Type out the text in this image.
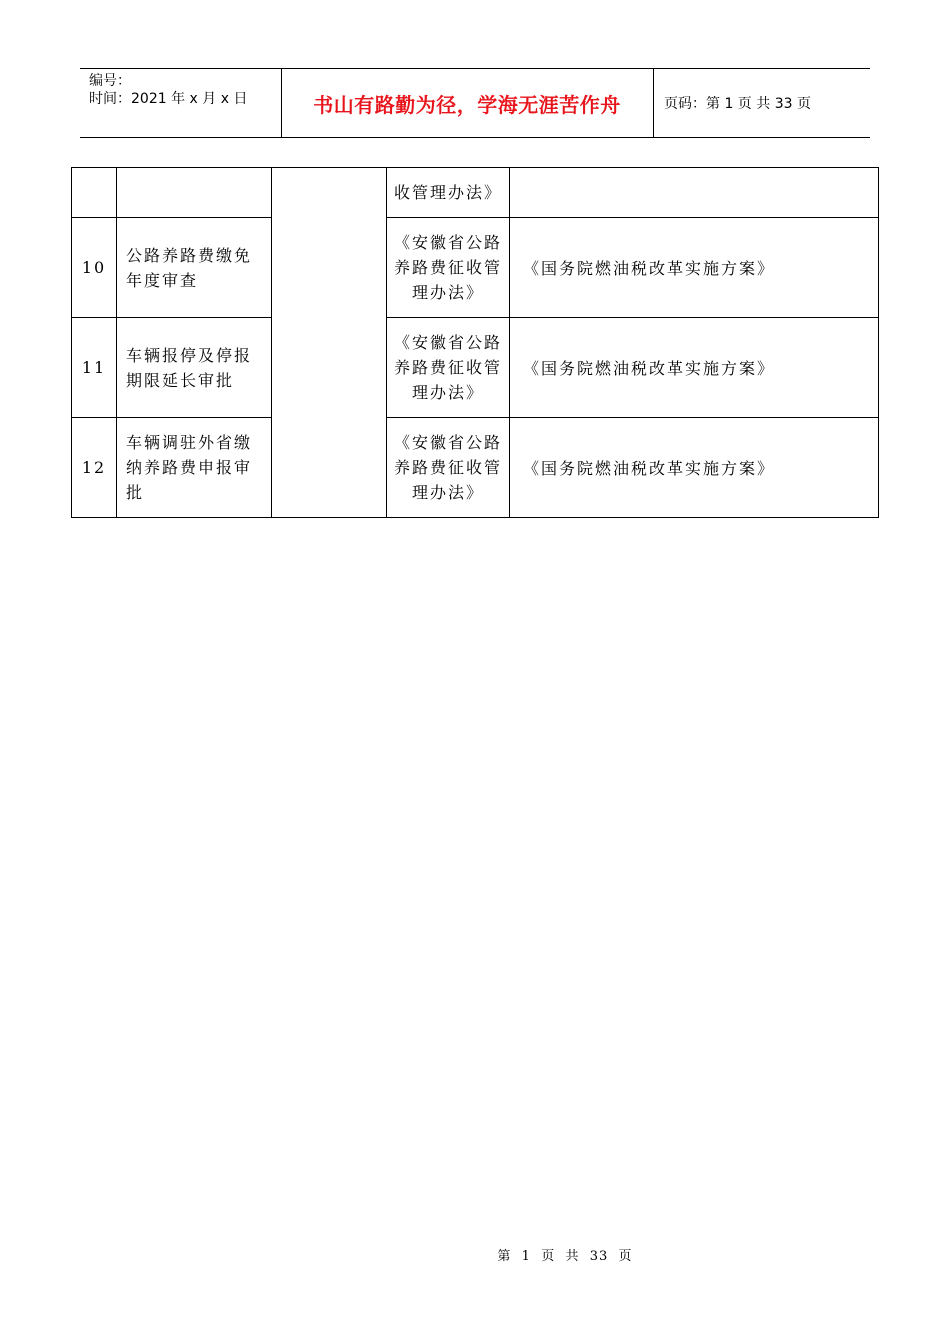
编号：
时间：2021 年 x 月 x 日	书山有路勤为径，学海无涯苦作舟	页码：第 1 页 共 33 页
			收管理办法》	
10	公路养路费缴免年度审查		《安徽省公路养路费征收管理办法》	《国务院燃油税改革实施方案》
11	车辆报停及停报期限延长审批		《安徽省公路养路费征收管理办法》	《国务院燃油税改革实施方案》
12	车辆调驻外省缴纳养路费申报审批		《安徽省公路养路费征收管理办法》	《国务院燃油税改革实施方案》
第  1  页  共  33  页
